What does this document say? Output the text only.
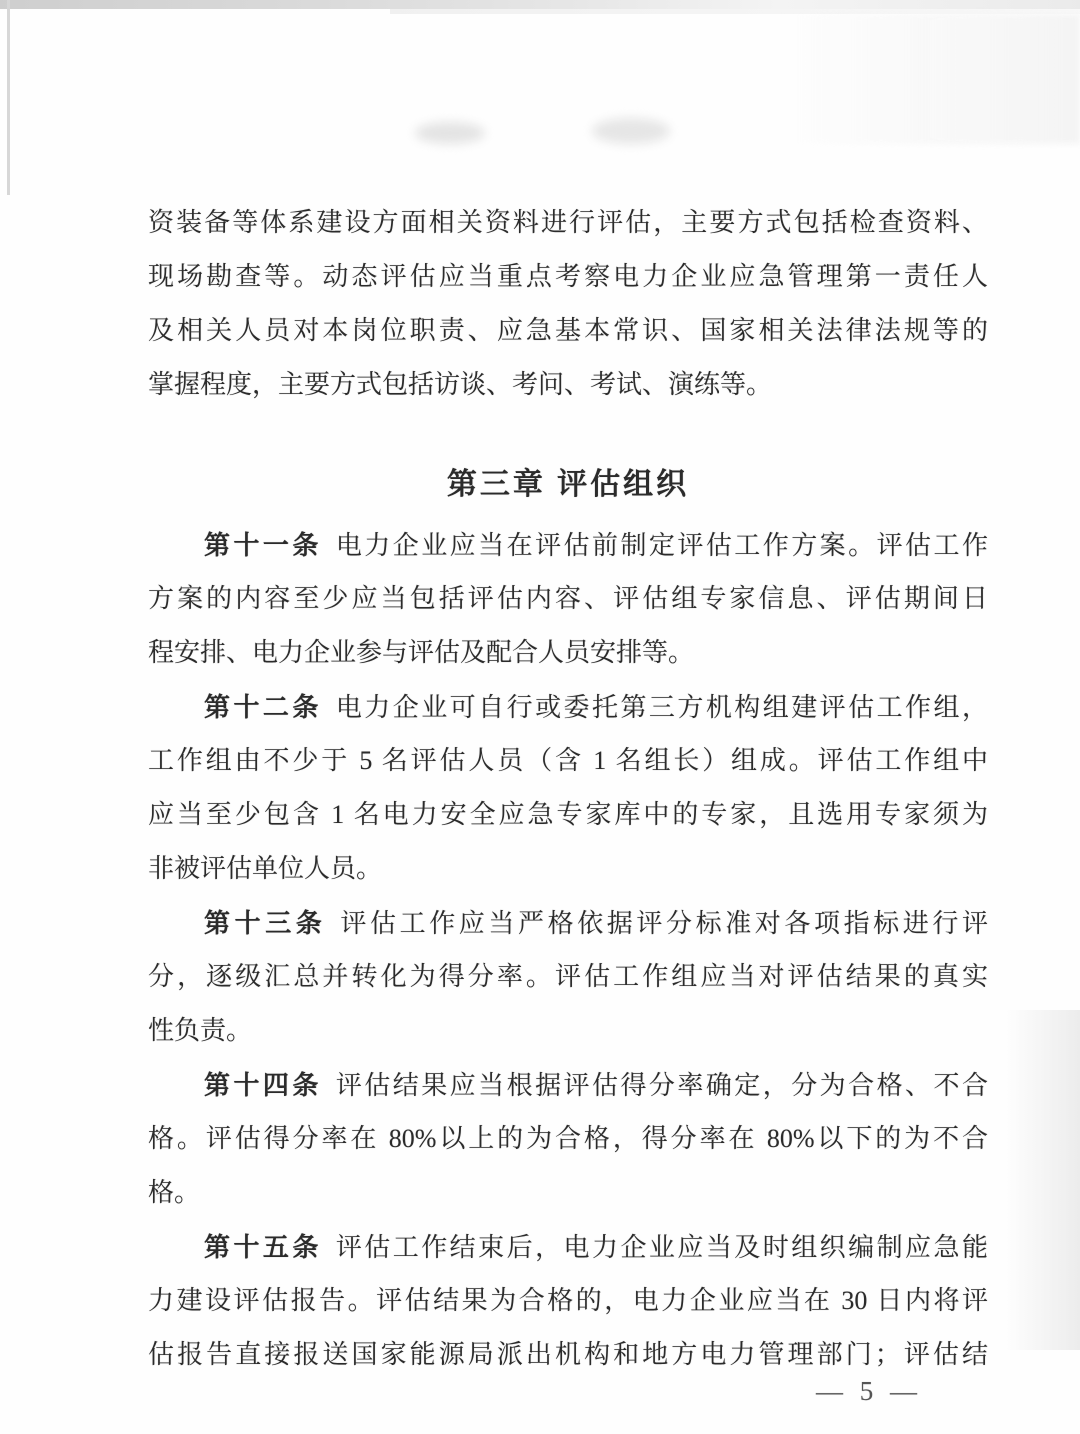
资装备等体系建设方面相关资料进行评估，主要方式包括检查资料、
现场勘查等。动态评估应当重点考察电力企业应急管理第一责任人
及相关人员对本岗位职责、应急基本常识、国家相关法律法规等的
掌握程度，主要方式包括访谈、考问、考试、演练等。
第三章 评估组织
第十一条 电力企业应当在评估前制定评估工作方案。评估工作
方案的内容至少应当包括评估内容、评估组专家信息、评估期间日
程安排、电力企业参与评估及配合人员安排等。
第十二条 电力企业可自行或委托第三方机构组建评估工作组，
工作组由不少于 5 名评估人员（含 1 名组长）组成。评估工作组中
应当至少包含 1 名电力安全应急专家库中的专家，且选用专家须为
非被评估单位人员。
第十三条 评估工作应当严格依据评分标准对各项指标进行评
分，逐级汇总并转化为得分率。评估工作组应当对评估结果的真实
性负责。
第十四条 评估结果应当根据评估得分率确定，分为合格、不合
格。评估得分率在 80%以上的为合格，得分率在 80%以下的为不合
格。
第十五条 评估工作结束后，电力企业应当及时组织编制应急能
力建设评估报告。评估结果为合格的，电力企业应当在 30 日内将评
估报告直接报送国家能源局派出机构和地方电力管理部门；评估结
— 5 —
